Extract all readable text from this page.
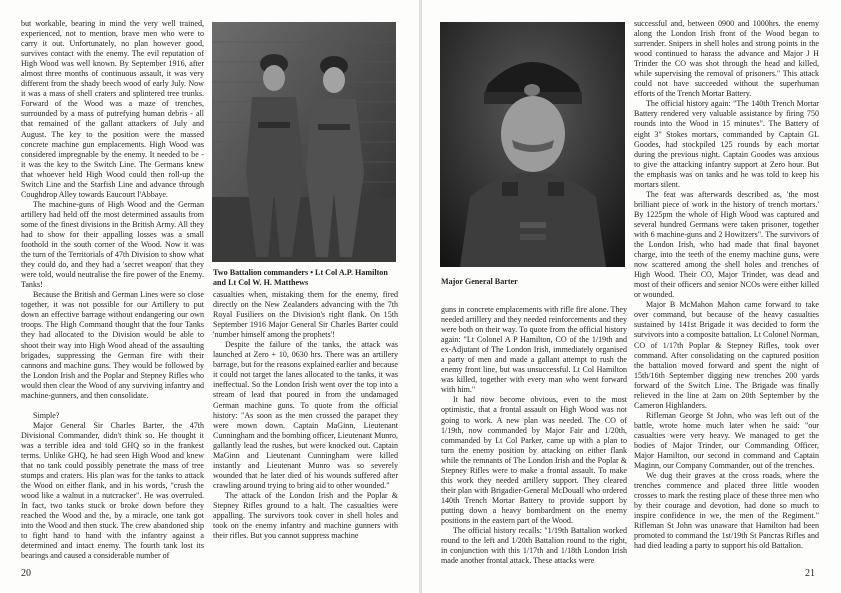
but workable, bearing in mind the very well trained, experienced, not to mention, brave men who were to carry it out. Unfortunately, no plan however good, survives contact with the enemy. The evil reputation of High Wood was well known. By September 1916, after almost three months of continuous assault, it was very different from the shady beech wood of early July. Now it was a mass of shell craters and splintered tree trunks. Forward of the Wood was a maze of trenches, surrounded by a mass of putrefying human debris - all that remained of the gallant attackers of July and August. The key to the position were the massed concrete machine gun emplacements. High Wood was considered impregnable by the enemy. It needed to be - it was the key to the Switch Line. The Germans knew that whoever held High Wood could then roll-up the Switch Line and the Starfish Line and advance through Coughdrop Alley towards Eaucourt l'Abbaye.

The machine-guns of High Wood and the German artillery had held off the most determined assaults from some of the finest divisions in the British Army. All they had to show for their appalling losses was a small foothold in the south corner of the Wood. Now it was the turn of the Territorials of 47th Division to show what they could do, and they had a 'secret weapon' that they were told, would neutralise the fire power of the Enemy. Tanks!

Because the British and German Lines were so close together, it was not possible for our Artillery to put down an effective barrage without endangering our own troops. The High Command thought that the four Tanks they had allocated to the Division would be able to shoot their way into High Wood ahead of the assaulting brigades, suppressing the German fire with their cannons and machine guns. They would be followed by the London Irish and the Poplar and Stepney Rifles who would then clear the Wood of any surviving infantry and machine-gunners, and then consolidate.

Simple?

Major General Sir Charles Barter, the 47th Divisional Commander, didn't think so. He thought it was a terrible idea and told GHQ so in the frankest terms. Unlike GHQ, he had seen High Wood and knew that no tank could possibly penetrate the mass of tree stumps and craters. His plan was for the tanks to attack the Wood on either flank, and in his words, "crush the wood like a walnut in a nutcracker". He was overruled. In fact, two tanks stuck or broke down before they reached the Wood and the, by a miracle, one tank got into the Wood and then stuck. The crew abandoned ship to fight hand to hand with the infantry against a determined and intact enemy. The fourth tank lost its bearings and caused a considerable number of

Two Battalion commanders • Lt Col A.P. Hamilton and Lt Col W. H. Matthews

casualties when, mistaking them for the enemy, fired directly on the New Zealanders advancing with the 7th Royal Fusiliers on the Division's right flank. On 15th September 1916 Major General Sir Charles Barter could 'number himself among the prophets'!

Despite the failure of the tanks, the attack was launched at Zero + 10, 0630 hrs. There was an artillery barrage, but for the reasons explained earlier and because it could not target the lanes allocated to the tanks, it was ineffectual. So the London Irish went over the top into a stream of lead that poured in from the undamaged German machine guns. To quote from the official history: "As soon as the men crossed the parapet they were mown down. Captain MaGinn, Lieutenant Cunningham and the bombing officer, Lieutenant Munro, gallantly lead the rushes, but were knocked out. Captain MaGinn and Lieutenant Cunningham were killed instantly and Lieutenant Munro was so severely wounded that he later died of his wounds suffered after crawling around trying to bring aid to other wounded."

The attack of the London Irish and the Poplar & Stepney Rifles ground to a halt. The casualties were appalling. The survivors took cover in shell holes and took on the enemy infantry and machine gunners with their rifles. But you cannot suppress machine

20
Major General Barter

guns in concrete emplacements with rifle fire alone. They needed artillery and they needed reinforcements and they were both on their way. To quote from the official history again: "Lt Colonel A P Hamilton, CO of the 1/19th and ex-Adjutant of The London Irish, immediately organised a party of men and made a gallant attempt to rush the enemy front line, but was unsuccessful. Lt Col Hamilton was killed, together with every man who went forward with him."

It had now become obvious, even to the most optimistic, that a frontal assault on High Wood was not going to work. A new plan was needed. The CO of 1/19th, now commanded by Major Fair and 1/20th, commanded by Lt Col Parker, came up with a plan to turn the enemy position by attacking on either flank while the remnants of The London Irish and the Poplar & Stepney Rifles were to make a frontal assault. To make this work they needed artillery support. They cleared their plan with Brigadier-General McDouall who ordered 140th Trench Mortar Battery to provide support by putting down a heavy bombardment on the enemy positions in the eastern part of the Wood.

The official history recalls: "1/19th Battalion worked round to the left and 1/20th Battalion round to the right, in conjunction with this 1/17th and 1/18th London Irish made another frontal attack. These attacks were

successful and, between 0900 and 1000hrs. the enemy along the London Irish front of the Wood began to surrender. Snipers in shell holes and strong points in the wood continued to harass the advance and Major J H Trinder the CO was shot through the head and killed, while supervising the removal of prisoners." This attack could not have succeeded without the superhuman efforts of the Trench Mortar Battery.

The official history again: "The 140th Trench Mortar Battery rendered very valuable assistance by firing 750 rounds into the Wood in 15 minutes". The Battery of eight 3" Stokes mortars, commanded by Captain GL Goodes, had stockpiled 125 rounds by each mortar during the previous night. Captain Goodes was anxious to give the attacking infantry support at Zero hour. But the emphasis was on tanks and he was told to keep his mortars silent.

The feat was afterwards described as, 'the most brilliant piece of work in the history of trench mortars.' By 1225pm the whole of High Wood was captured and several hundred Germans were taken prisoner, together with 6 machine-guns and 2 Howitzers". The survivors of the London Irish, who had made that final bayonet charge, into the teeth of the enemy machine guns, were now scattered among the shell holes and trenches of High Wood. Their CO, Major Trinder, was dead and most of their officers and senior NCOs were either killed or wounded.

Major B McMahon Mahon came forward to take over command, but because of the heavy casualties sustained by 141st Brigade it was decided to form the survivors into a composite battalion. Lt Colonel Norman, CO of 1/17th Poplar & Stepney Rifles, took over command. After consolidating on the captured position the battalion moved forward and spent the night of 15th/16th September digging new trenches 200 yards forward of the Switch Line. The Brigade was finally relieved in the line at 2am on 20th September by the Cameron Highlanders.

Rifleman George St John, who was left out of the battle, wrote home much later when he said: "our casualties were very heavy. We managed to get the bodies of Major Trinder, our Commanding Officer, Major Hamilton, our second in command and Captain Maginn, our Company Commander, out of the trenches.

We dug their graves at the cross roads, where the trenches commence and placed three little wooden crosses to mark the resting place of these three men who by their courage and devotion, had done so much to inspire confidence in we, the men of the Regiment." Rifleman St John was unaware that Hamilton had been promoted to command the 1st/19th St Pancras Rifles and had died leading a party to support his old Battalion.

21
